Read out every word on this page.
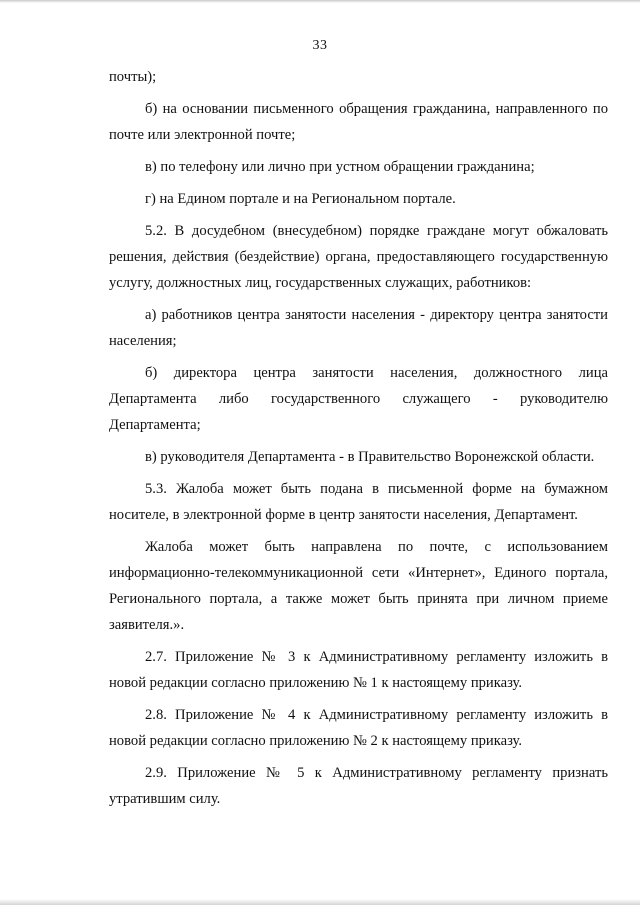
33

почты);

б) на основании письменного обращения гражданина, направленного по почте или электронной почте;

в) по телефону или лично при устном обращении гражданина;

г) на Едином портале и на Региональном портале.

5.2. В досудебном (внесудебном) порядке граждане могут обжаловать решения, действия (бездействие) органа, предоставляющего государственную услугу, должностных лиц, государственных служащих, работников:

а) работников центра занятости населения - директору центра занятости населения;

б) директора центра занятости населения, должностного лица Департамента либо государственного служащего - руководителю Департамента;

в) руководителя Департамента - в Правительство Воронежской области.

5.3. Жалоба может быть подана в письменной форме на бумажном носителе, в электронной форме в центр занятости населения, Департамент.

Жалоба может быть направлена по почте, с использованием информационно-телекоммуникационной сети «Интернет», Единого портала, Регионального портала, а также может быть принята при личном приеме заявителя.».

2.7. Приложение № 3 к Административному регламенту изложить в новой редакции согласно приложению № 1 к настоящему приказу.

2.8. Приложение № 4 к Административному регламенту изложить в новой редакции согласно приложению № 2 к настоящему приказу.

2.9. Приложение № 5 к Административному регламенту признать утратившим силу.
